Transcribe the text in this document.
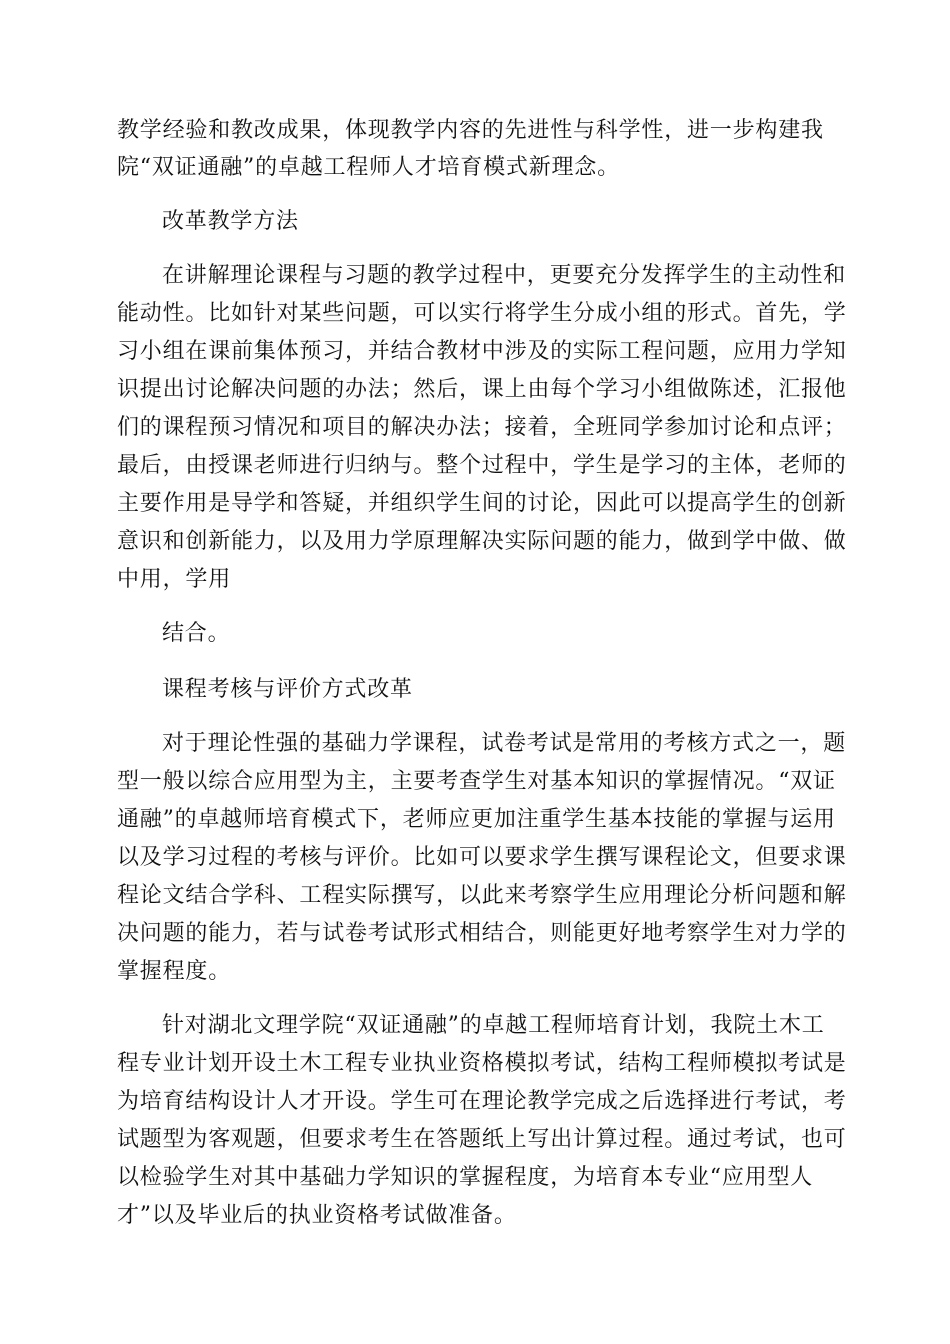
教学经验和教改成果，体现教学内容的先进性与科学性，进一步构建我
院“双证通融”的卓越工程师人才培育模式新理念。
改革教学方法
在讲解理论课程与习题的教学过程中，更要充分发挥学生的主动性和
能动性。比如针对某些问题，可以实行将学生分成小组的形式。首先，学
习小组在课前集体预习，并结合教材中涉及的实际工程问题，应用力学知
识提出讨论解决问题的办法；然后，课上由每个学习小组做陈述，汇报他
们的课程预习情况和项目的解决办法；接着，全班同学参加讨论和点评；
最后，由授课老师进行归纳与。整个过程中，学生是学习的主体，老师的
主要作用是导学和答疑，并组织学生间的讨论，因此可以提高学生的创新
意识和创新能力，以及用力学原理解决实际问题的能力，做到学中做、做
中用，学用
结合。
课程考核与评价方式改革
对于理论性强的基础力学课程，试卷考试是常用的考核方式之一，题
型一般以综合应用型为主，主要考查学生对基本知识的掌握情况。“双证
通融”的卓越师培育模式下，老师应更加注重学生基本技能的掌握与运用
以及学习过程的考核与评价。比如可以要求学生撰写课程论文，但要求课
程论文结合学科、工程实际撰写，以此来考察学生应用理论分析问题和解
决问题的能力，若与试卷考试形式相结合，则能更好地考察学生对力学的
掌握程度。
针对湖北文理学院“双证通融”的卓越工程师培育计划，我院土木工
程专业计划开设土木工程专业执业资格模拟考试，结构工程师模拟考试是
为培育结构设计人才开设。学生可在理论教学完成之后选择进行考试，考
试题型为客观题，但要求考生在答题纸上写出计算过程。通过考试，也可
以检验学生对其中基础力学知识的掌握程度，为培育本专业“应用型人
才”以及毕业后的执业资格考试做准备。
